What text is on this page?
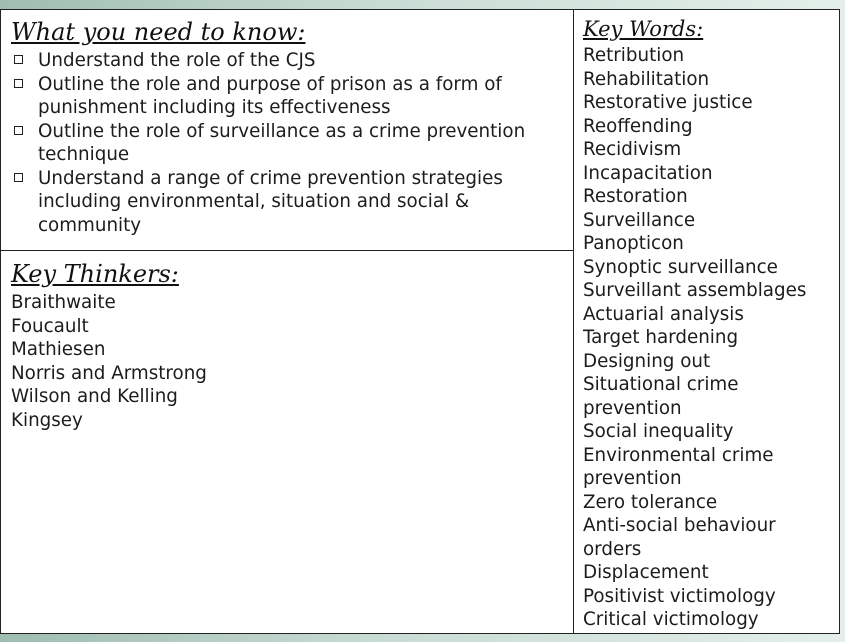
What you need to know:
Understand the role of the CJS
Outline the role and purpose of prison as a form of punishment including its effectiveness
Outline the role of surveillance as a crime prevention technique
Understand a range of crime prevention strategies including environmental, situation and social & community
Key Thinkers:
Braithwaite
Foucault
Mathiesen
Norris and Armstrong
Wilson and Kelling
Kingsey
Key Words:
Retribution
Rehabilitation
Restorative justice
Reoffending
Recidivism
Incapacitation
Restoration
Surveillance
Panopticon
Synoptic surveillance
Surveillant assemblages
Actuarial analysis
Target hardening
Designing out
Situational crime prevention
Social inequality
Environmental crime prevention
Zero tolerance
Anti-social behaviour orders
Displacement
Positivist victimology
Critical victimology
